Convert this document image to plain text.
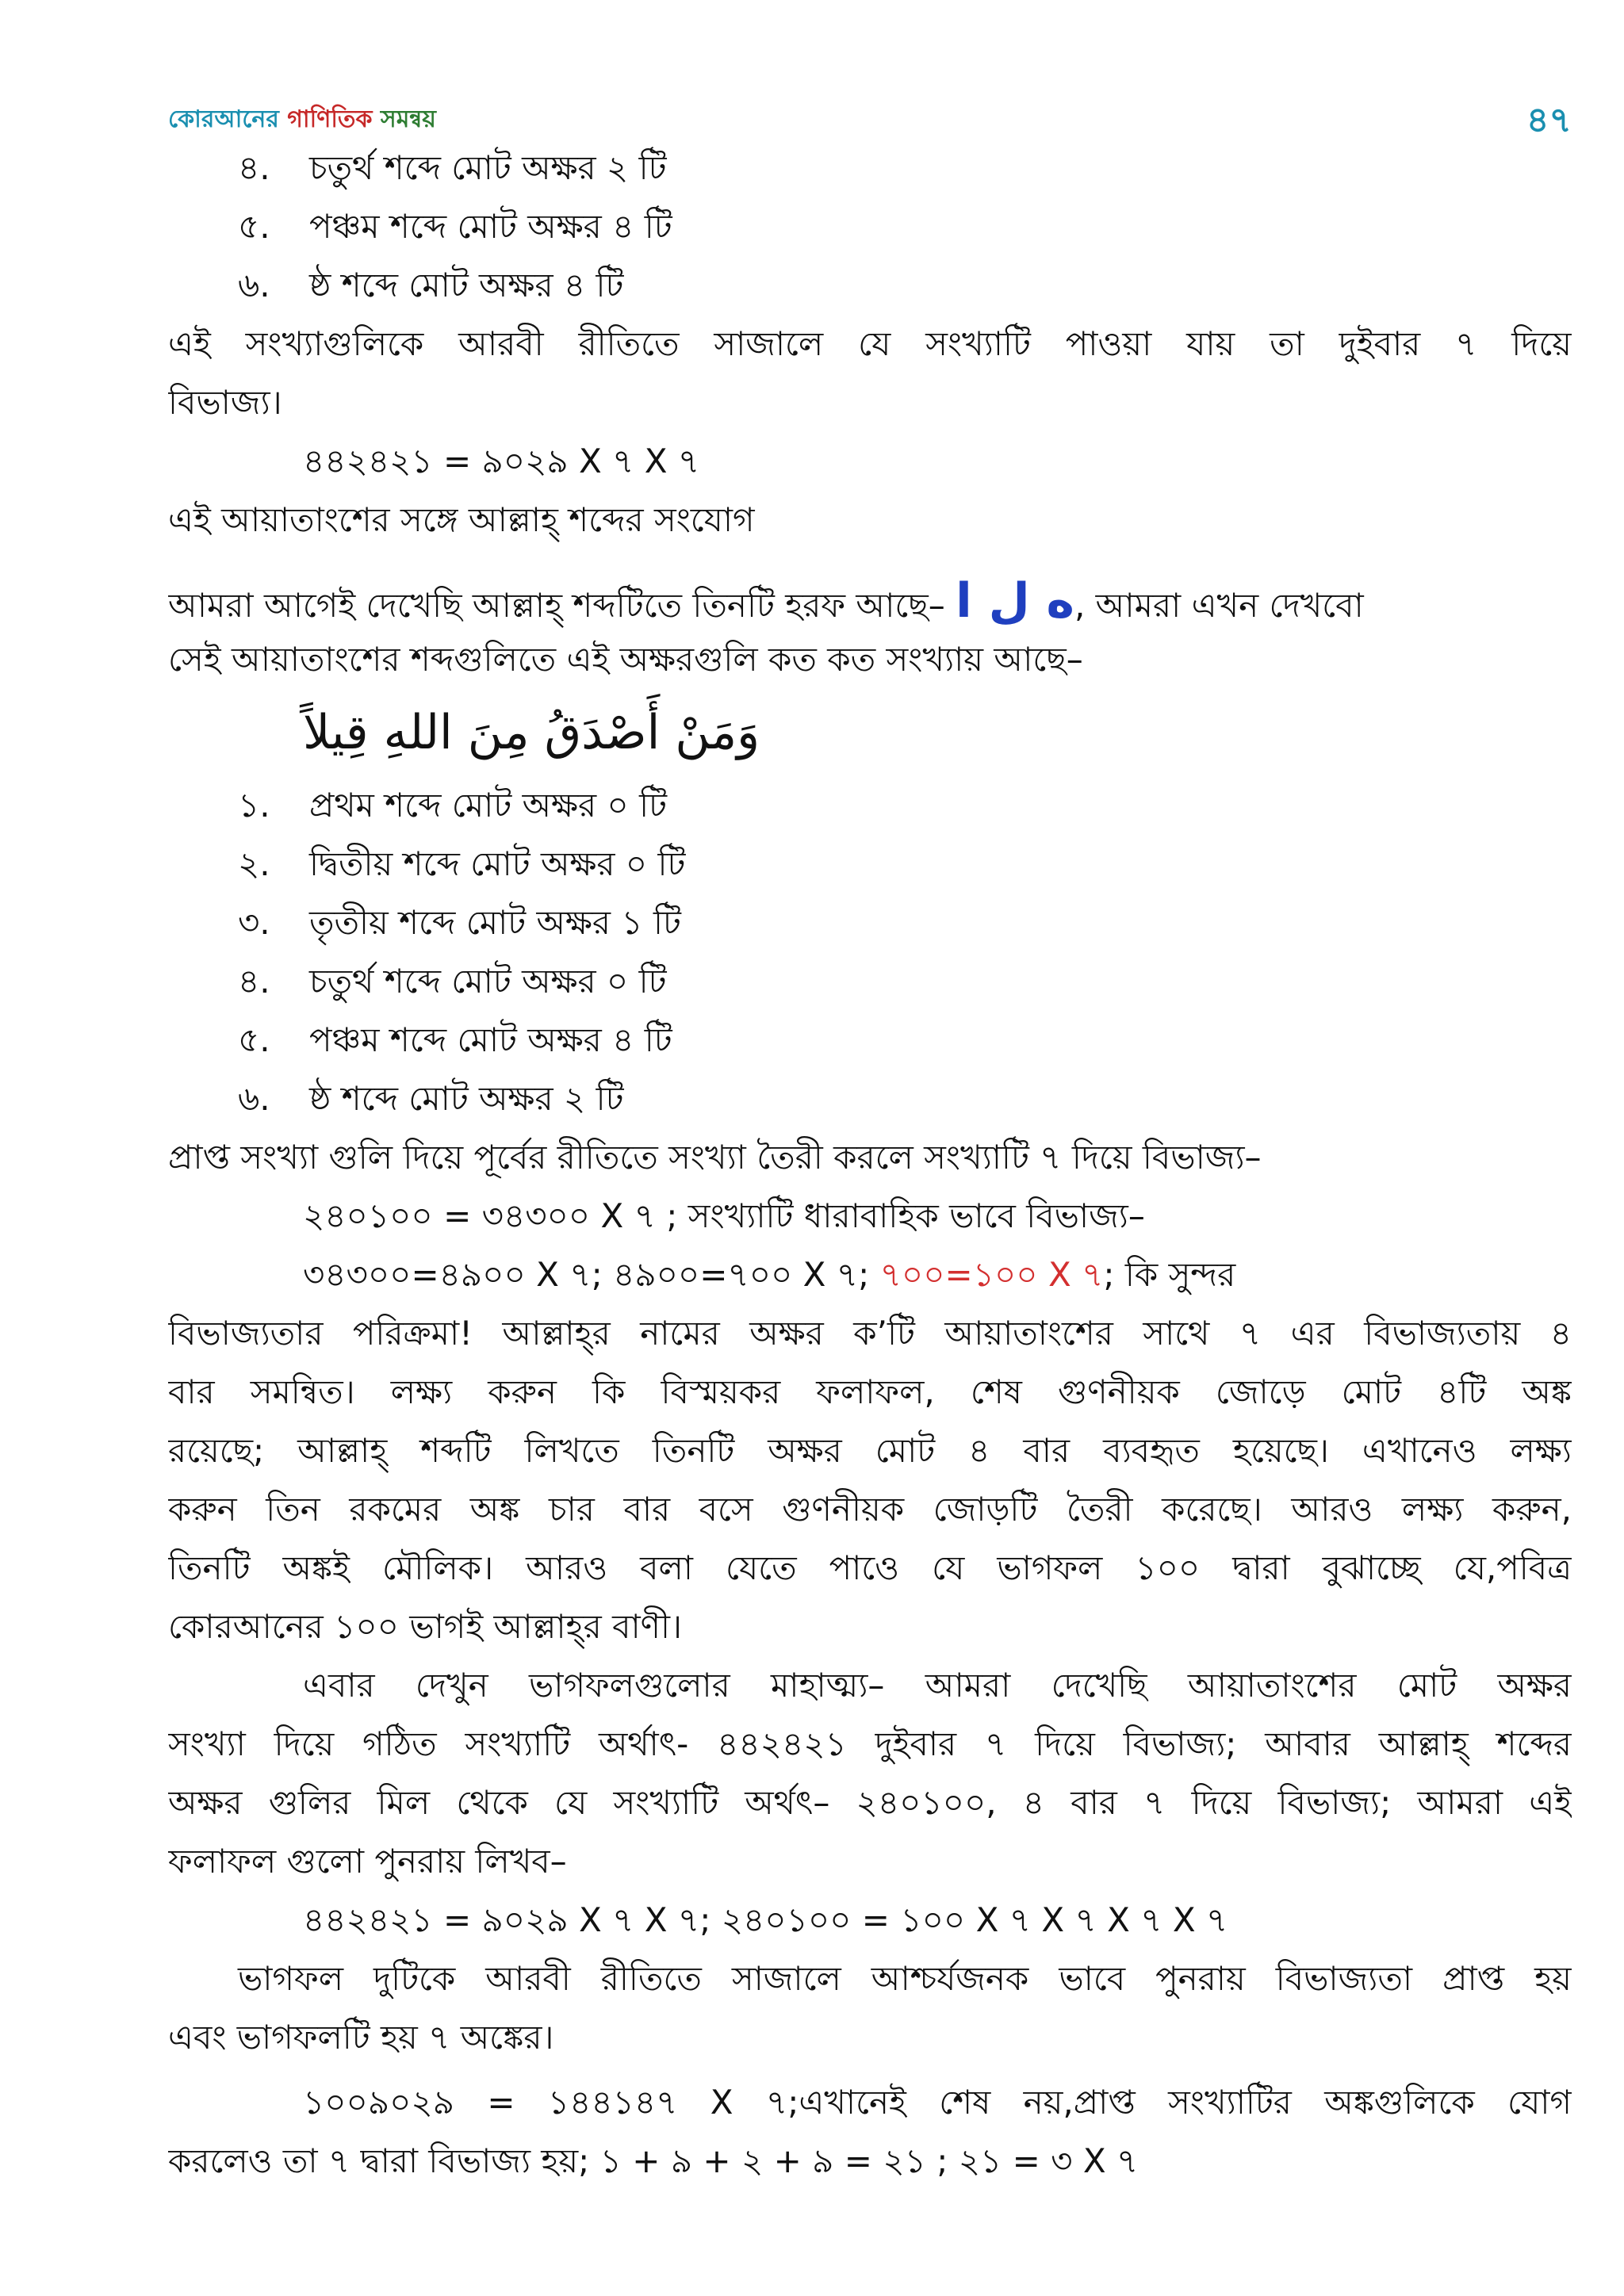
কোরআনের গাণিতিক সমন্বয়	৪৭
৪. চতুর্থ শব্দে মোট অক্ষর ২ টি
৫. পঞ্চম শব্দে মোট অক্ষর ৪ টি
৬. ষ্ঠ শব্দে মোট অক্ষর ৪ টি
এই সংখ্যাগুলিকে আরবী রীতিতে সাজালে যে সংখ্যাটি পাওয়া যায় তা দুইবার ৭ দিয়ে
বিভাজ্য।
৪৪২৪২১ = ৯০২৯ X ৭ X ৭
এই আয়াতাংশের সঙ্গে আল্লাহ্ শব্দের সংযোগ
আমরা আগেই দেখেছি আল্লাহ্ শব্দটিতে তিনটি হরফ আছে– ه ل ا, আমরা এখন দেখবো
সেই আয়াতাংশের শব্দগুলিতে এই অক্ষরগুলি কত কত সংখ্যায় আছে–
وَمَنْ أَصْدَقُ مِنَ اللهِ قِيلاً
১. প্রথম শব্দে মোট অক্ষর ০ টি
২. দ্বিতীয় শব্দে মোট অক্ষর ০ টি
৩. তৃতীয় শব্দে মোট অক্ষর ১ টি
৪. চতুর্থ শব্দে মোট অক্ষর ০ টি
৫. পঞ্চম শব্দে মোট অক্ষর ৪ টি
৬. ষ্ঠ শব্দে মোট অক্ষর ২ টি
প্রাপ্ত সংখ্যা গুলি দিয়ে পূর্বের রীতিতে সংখ্যা তৈরী করলে সংখ্যাটি ৭ দিয়ে বিভাজ্য–
২৪০১০০ = ৩৪৩০০ X ৭ ; সংখ্যাটি ধারাবাহিক ভাবে বিভাজ্য–
৩৪৩০০=৪৯০০ X ৭; ৪৯০০=৭০০ X ৭; ৭০০=১০০ X ৭; কি সুন্দর
বিভাজ্যতার পরিক্রমা! আল্লাহ্‌র নামের অক্ষর ক’টি আয়াতাংশের সাথে ৭ এর বিভাজ্যতায় ৪
বার সমন্বিত। লক্ষ্য করুন কি বিস্ময়কর ফলাফল, শেষ গুণনীয়ক জোড়ে মোট ৪টি অঙ্ক
রয়েছে; আল্লাহ্ শব্দটি লিখতে তিনটি অক্ষর মোট ৪ বার ব্যবহৃত হয়েছে। এখানেও লক্ষ্য
করুন তিন রকমের অঙ্ক চার বার বসে গুণনীয়ক জোড়টি তৈরী করেছে। আরও লক্ষ্য করুন,
তিনটি অঙ্কই মৌলিক। আরও বলা যেতে পাওে যে ভাগফল ১০০ দ্বারা বুঝাচ্ছে যে,পবিত্র
কোরআনের ১০০ ভাগই আল্লাহ্‌র বাণী।
এবার দেখুন ভাগফলগুলোর মাহাত্ম্য– আমরা দেখেছি আয়াতাংশের মোট অক্ষর
সংখ্যা দিয়ে গঠিত সংখ্যাটি অর্থাৎ- ৪৪২৪২১ দুইবার ৭ দিয়ে বিভাজ্য; আবার আল্লাহ্ শব্দের
অক্ষর গুলির মিল থেকে যে সংখ্যাটি অর্থৎ– ২৪০১০০, ৪ বার ৭ দিয়ে বিভাজ্য; আমরা এই
ফলাফল গুলো পুনরায় লিখব–
৪৪২৪২১ = ৯০২৯ X ৭ X ৭; ২৪০১০০ = ১০০ X ৭ X ৭ X ৭ X ৭
ভাগফল দুটিকে আরবী রীতিতে সাজালে আশ্চর্যজনক ভাবে পুনরায় বিভাজ্যতা প্রাপ্ত হয়
এবং ভাগফলটি হয় ৭ অঙ্কের।
১০০৯০২৯ = ১৪৪১৪৭ X ৭;এখানেই শেষ নয়,প্রাপ্ত সংখ্যাটির অঙ্কগুলিকে যোগ
করলেও তা ৭ দ্বারা বিভাজ্য হয়; ১ + ৯ + ২ + ৯ = ২১ ; ২১ = ৩ X ৭
